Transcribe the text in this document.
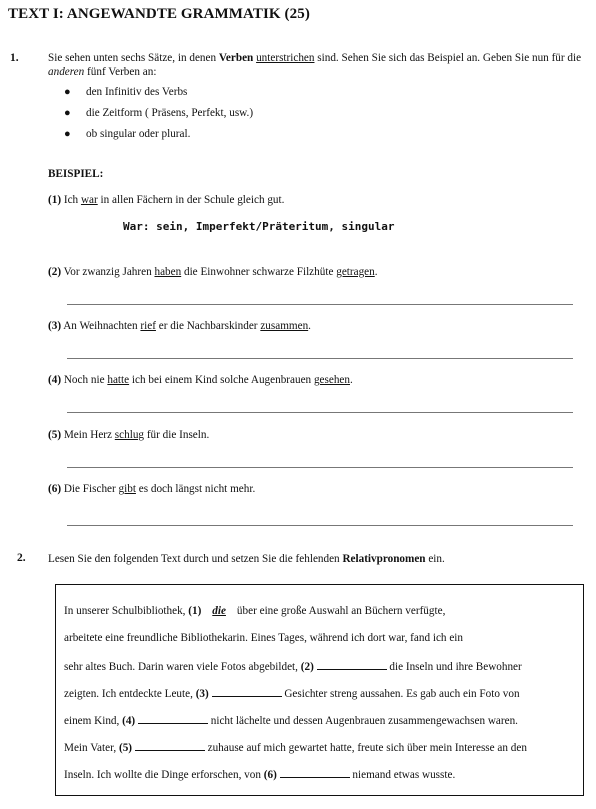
TEXT I: ANGEWANDTE GRAMMATIK (25)
1.	Sie sehen unten sechs Sätze, in denen Verben unterstrichen sind. Sehen Sie sich das Beispiel an. Geben Sie nun für die anderen fünf Verben an:
● den Infinitiv des Verbs
● die Zeitform ( Präsens, Perfekt, usw.)
● ob singular oder plural.
BEISPIEL:
(1) Ich war in allen Fächern in der Schule gleich gut.
War: sein, Imperfekt/Präteritum, singular
(2) Vor zwanzig Jahren haben die Einwohner schwarze Filzhüte getragen.
(3) An Weihnachten rief er die Nachbarskinder zusammen.
(4) Noch nie hatte ich bei einem Kind solche Augenbrauen gesehen.
(5) Mein Herz schlug für die Inseln.
(6) Die Fischer gibt es doch längst nicht mehr.
2. Lesen Sie den folgenden Text durch und setzen Sie die fehlenden Relativpronomen ein.
In unserer Schulbibliothek, (1) die über eine große Auswahl an Büchern verfügte,
arbeitete eine freundliche Bibliothekarin. Eines Tages, während ich dort war, fand ich ein
sehr altes Buch. Darin waren viele Fotos abgebildet, (2)	die Inseln und ihre Bewohner
zeigten. Ich entdeckte Leute, (3)	Gesichter streng aussahen. Es gab auch ein Foto von
einem Kind, (4)	nicht lächelte und dessen Augenbrauen zusammengewachsen waren.
Mein Vater, (5)	zuhause auf mich gewartet hatte, freute sich über mein Interesse an den
Inseln. Ich wollte die Dinge erforschen, von (6)	niemand etwas wusste.
